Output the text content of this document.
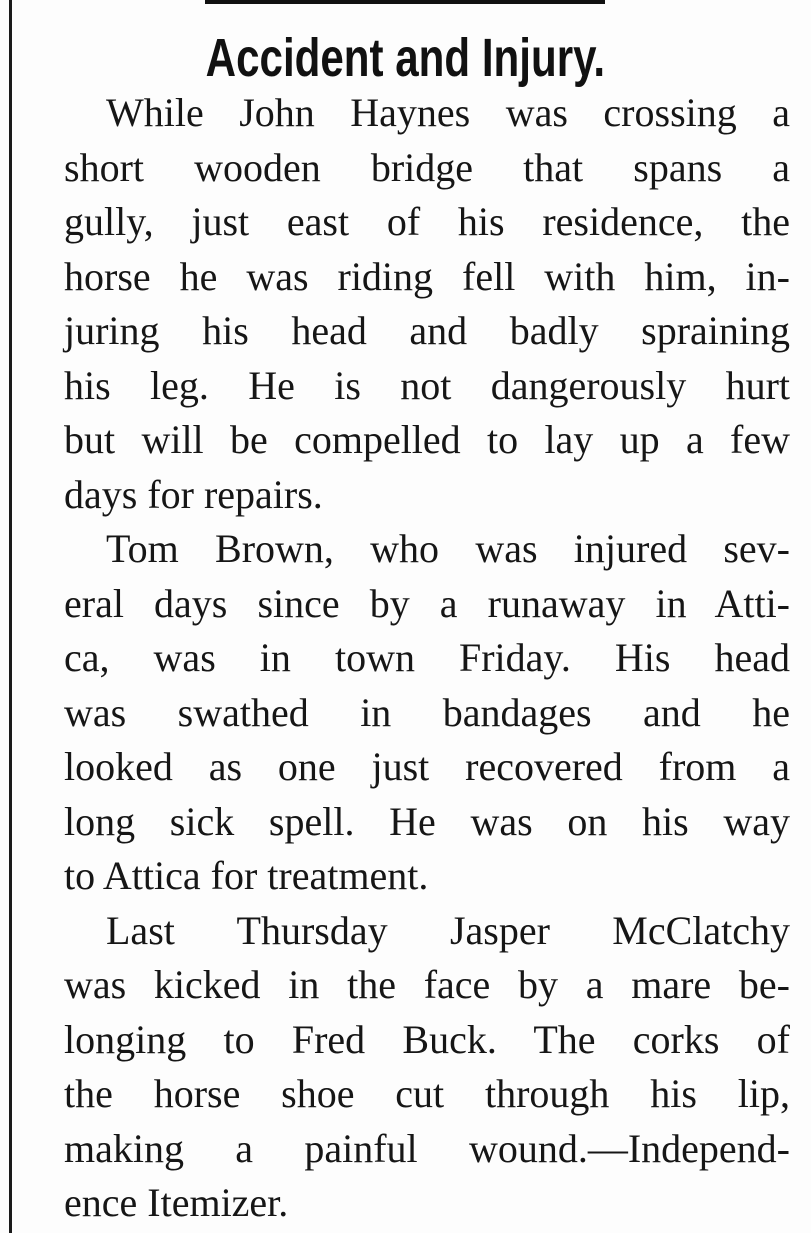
Accident and Injury.
While John Haynes was crossing a
short wooden bridge that spans a
gully, just east of his residence, the
horse he was riding fell with him, in-
juring his head and badly spraining
his leg. He is not dangerously hurt
but will be compelled to lay up a few
days for repairs.
Tom Brown, who was injured sev-
eral days since by a runaway in Atti-
ca, was in town Friday. His head
was swathed in bandages and he
looked as one just recovered from a
long sick spell. He was on his way
to Attica for treatment.
Last Thursday Jasper McClatchy
was kicked in the face by a mare be-
longing to Fred Buck. The corks of
the horse shoe cut through his lip,
making a painful wound.—Independ-
ence Itemizer.
